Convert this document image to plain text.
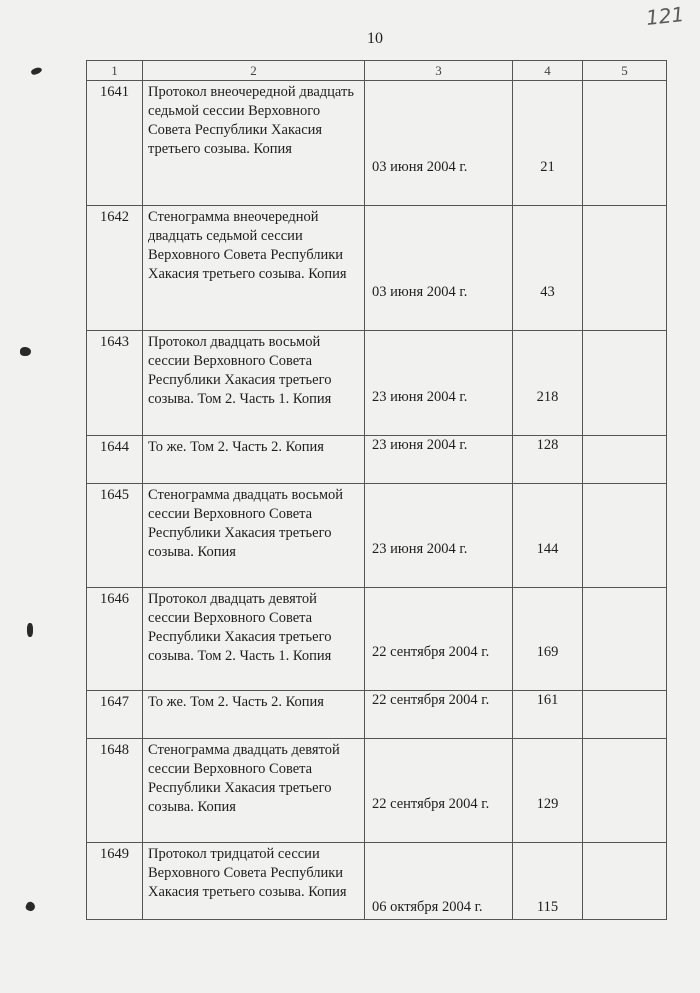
121
10
1	2	3	4	5
1641	Протокол внеочередной двадцать седьмой сессии Верховного Совета Республики Хакасия третьего созыва. Копия	03 июня 2004 г.	21	

1642	Стенограмма внеочередной двадцать седьмой сессии Верховного Совета Республики Хакасия третьего созыва. Копия	03 июня 2004 г.	43	

1643	Протокол двадцать восьмой сессии Верховного Совета Республики Хакасия третьего созыва. Том 2. Часть 1. Копия	23 июня 2004 г.	218	

1644	То же. Том 2. Часть 2. Копия	23 июня 2004 г.	128	

1645	Стенограмма двадцать восьмой сессии Верховного Совета Республики Хакасия третьего созыва. Копия	23 июня 2004 г.	144	

1646	Протокол двадцать девятой сессии Верховного Совета Республики Хакасия третьего созыва. Том 2. Часть 1. Копия	22 сентября 2004 г.	169	

1647	То же. Том 2. Часть 2. Копия	22 сентября 2004 г.	161	

1648	Стенограмма двадцать девятой сессии Верховного Совета Республики Хакасия третьего созыва. Копия	22 сентября 2004 г.	129	

1649	Протокол тридцатой сессии Верховного Совета Республики Хакасия третьего созыва. Копия	06 октября 2004 г.	115	
